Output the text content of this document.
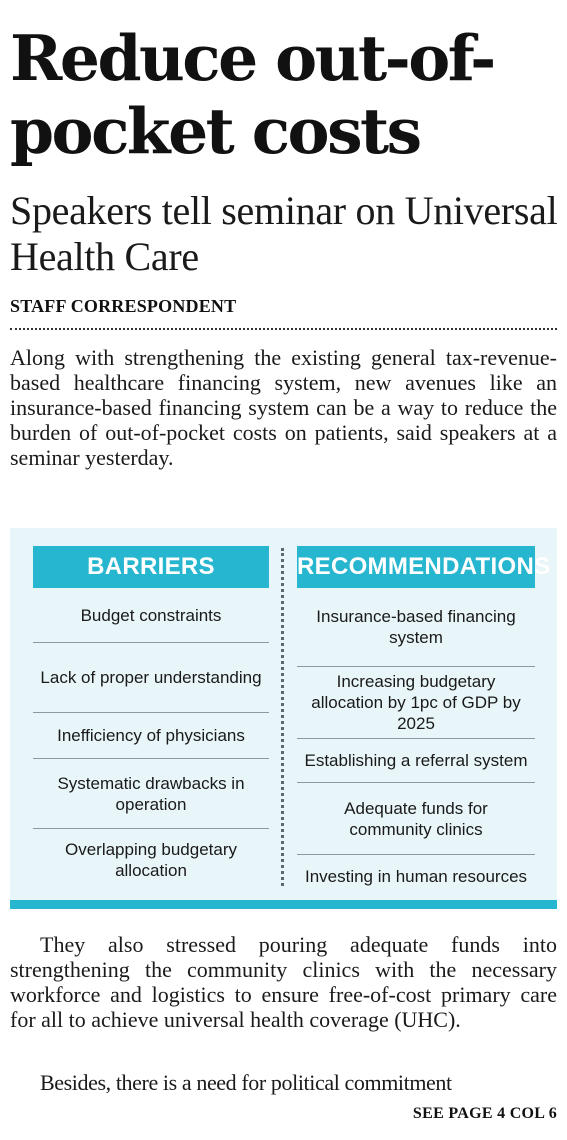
Reduce out-of-pocket costs
Speakers tell seminar on Universal Health Care

STAFF CORRESPONDENT

Along with strengthening the existing general tax-revenue-based healthcare financing system, new avenues like an insurance-based financing system can be a way to reduce the burden of out-of-pocket costs on patients, said speakers at a seminar yesterday.

BARRIERS
Budget constraints
Lack of proper understanding
Inefficiency of physicians
Systematic drawbacks in operation
Overlapping budgetary allocation
RECOMMENDATIONS
Insurance-based financing system
Increasing budgetary allocation by 1pc of GDP by 2025
Establishing a referral system
Adequate funds for community clinics
Investing in human resources

They also stressed pouring adequate funds into strengthening the community clinics with the necessary workforce and logistics to ensure free-of-cost primary care for all to achieve universal health coverage (UHC).

Besides, there is a need for political commitment

SEE PAGE 4 COL 6
